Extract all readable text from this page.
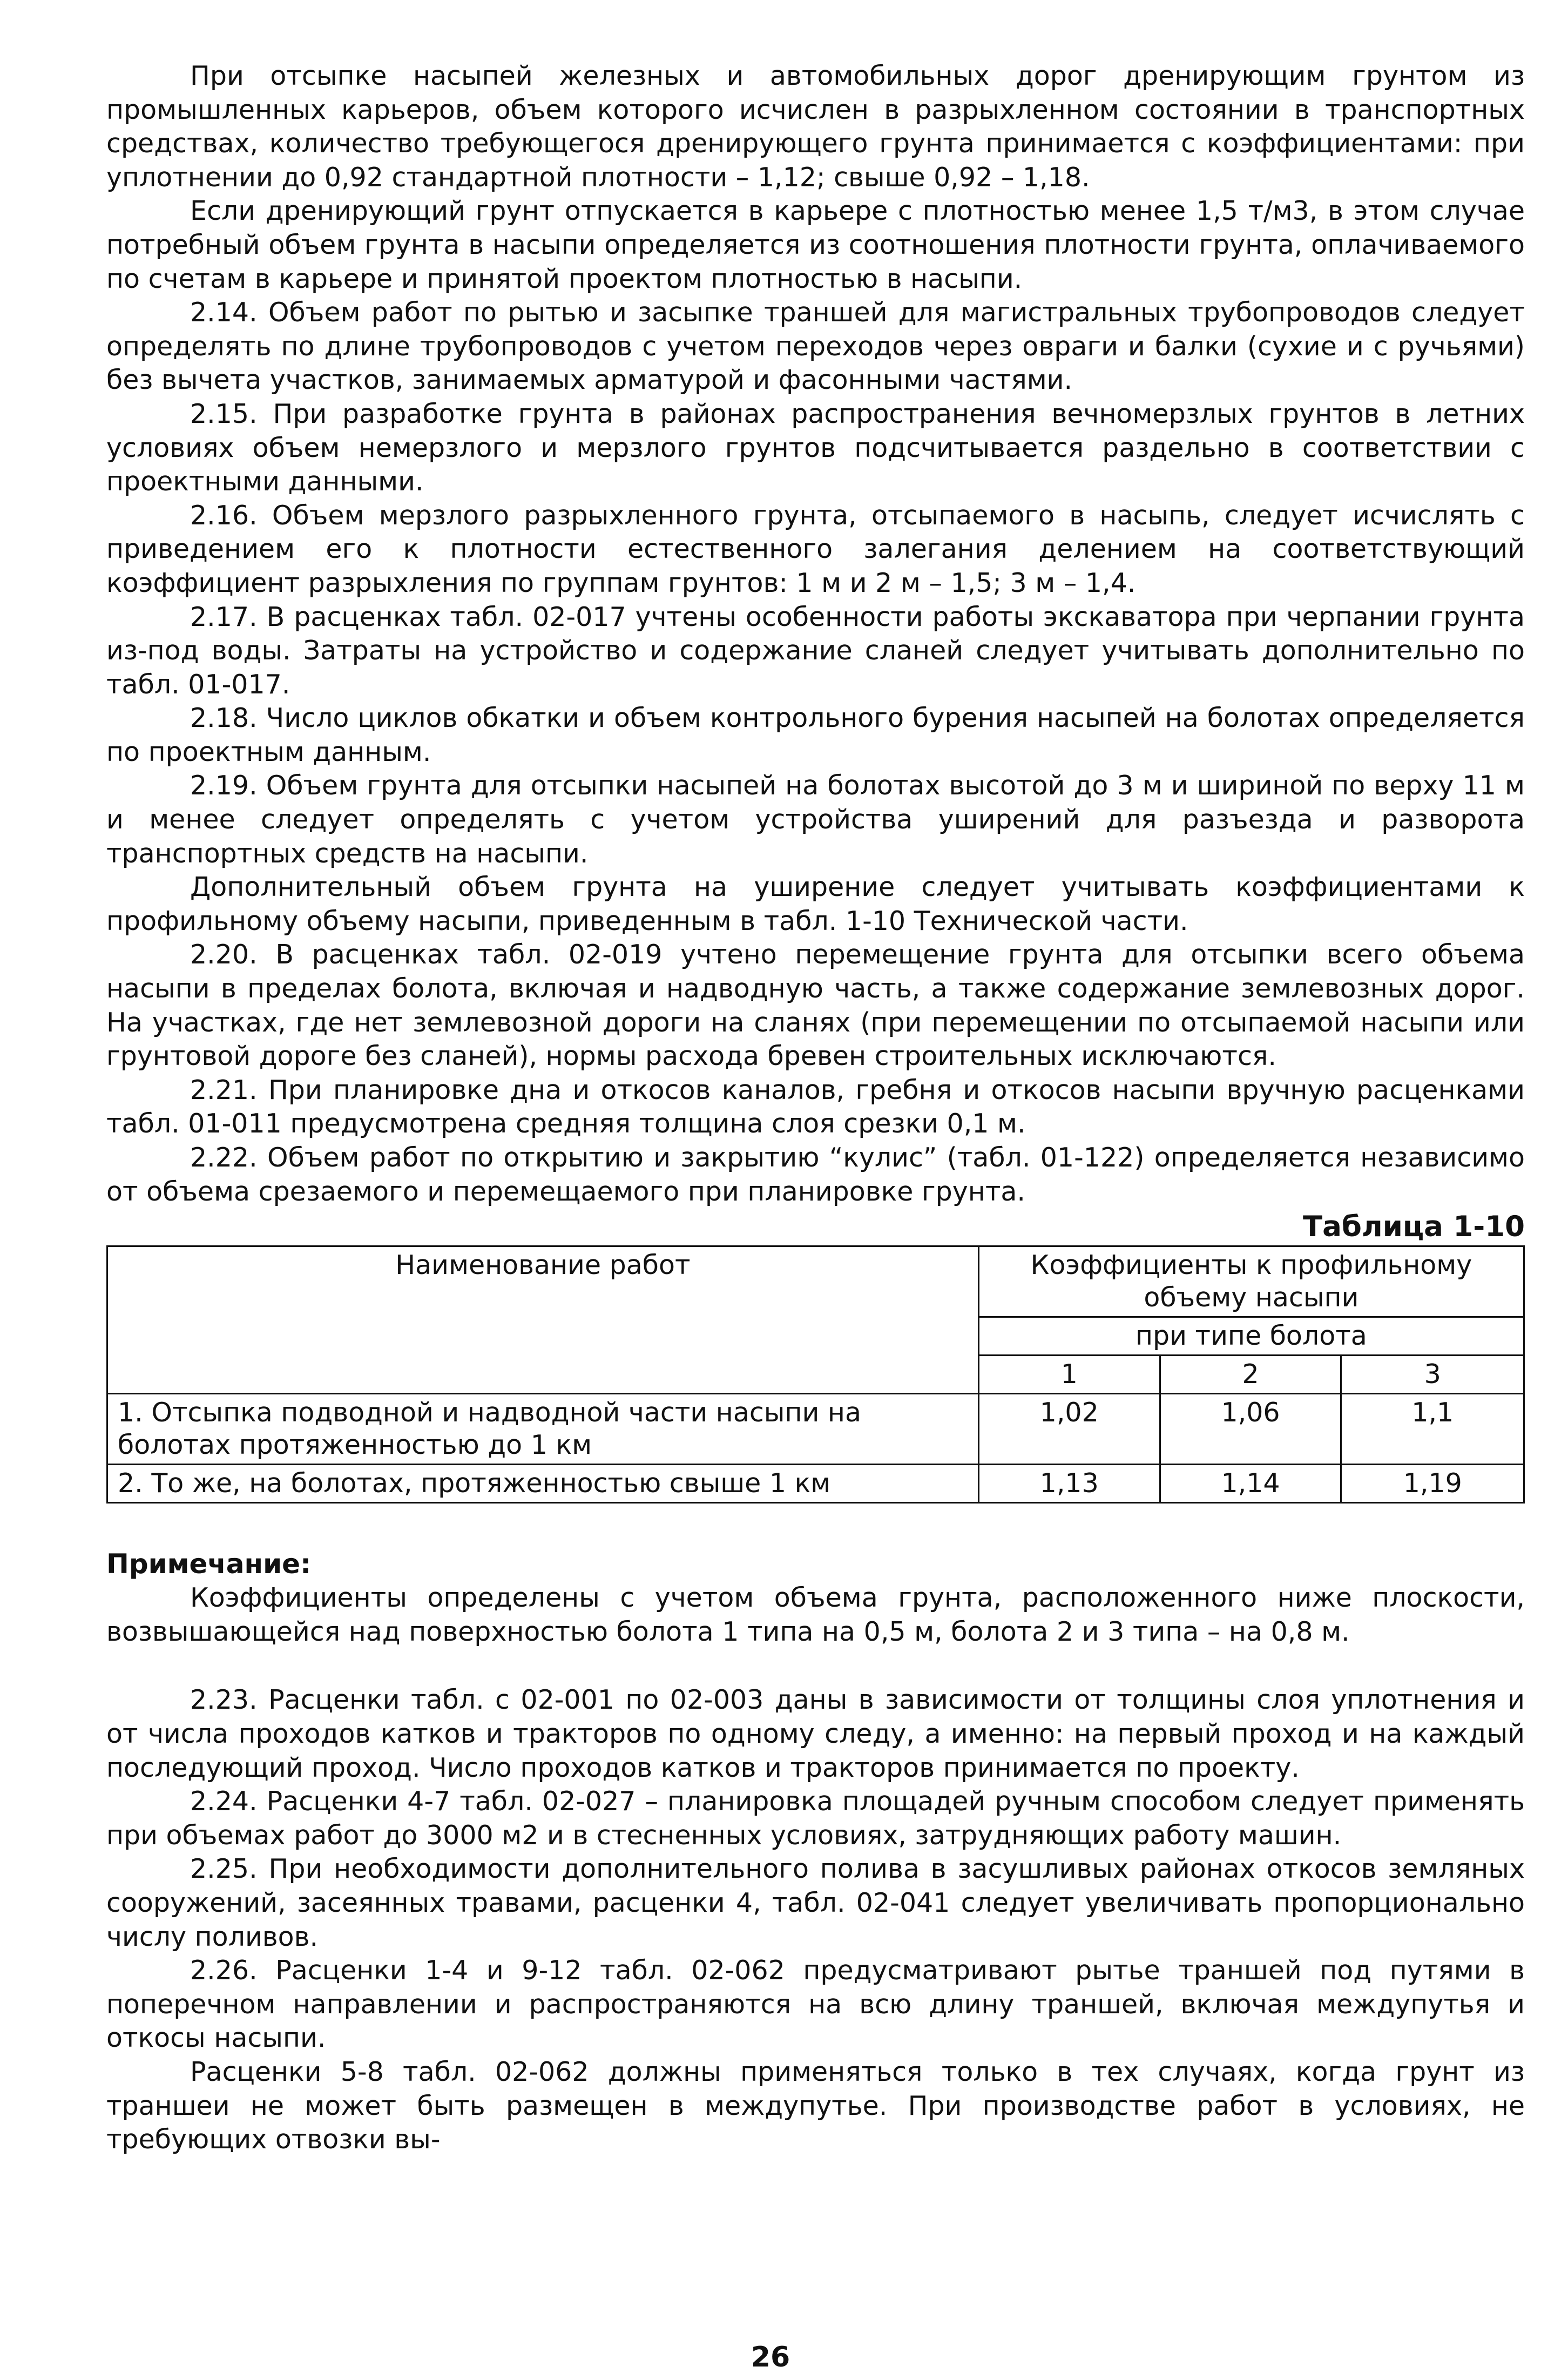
При отсыпке насыпей железных и автомобильных дорог дренирующим грунтом из промышленных карьеров, объем которого исчислен в разрыхленном состоянии в транспортных средствах, количество требующегося дренирующего грунта принимается с коэффициентами: при уплотнении до 0,92 стандартной плотности – 1,12; свыше 0,92 – 1,18.

Если дренирующий грунт отпускается в карьере с плотностью менее 1,5 т/м3, в этом случае потребный объем грунта в насыпи определяется из соотношения плотности грунта, оплачиваемого по счетам в карьере и принятой проектом плотностью в насыпи.

2.14. Объем работ по рытью и засыпке траншей для магистральных трубопроводов следует определять по длине трубопроводов с учетом переходов через овраги и балки (сухие и с ручьями) без вычета участков, занимаемых арматурой и фасонными частями.

2.15. При разработке грунта в районах распространения вечномерзлых грунтов в летних условиях объем немерзлого и мерзлого грунтов подсчитывается раздельно в соответствии с проектными данными.

2.16. Объем мерзлого разрыхленного грунта, отсыпаемого в насыпь, следует исчислять с приведением его к плотности естественного залегания делением на соответствующий коэффициент разрыхления по группам грунтов: 1 м и 2 м – 1,5; 3 м – 1,4.

2.17. В расценках табл. 02-017 учтены особенности работы экскаватора при черпании грунта из-под воды. Затраты на устройство и содержание сланей следует учитывать дополнительно по табл. 01-017.

2.18. Число циклов обкатки и объем контрольного бурения насыпей на болотах определяется по проектным данным.

2.19. Объем грунта для отсыпки насыпей на болотах высотой до 3 м и шириной по верху 11 м и менее следует определять с учетом устройства уширений для разъезда и разворота транспортных средств на насыпи.

Дополнительный объем грунта на уширение следует учитывать коэффициентами к профильному объему насыпи, приведенным в табл. 1-10 Технической части.

2.20. В расценках табл. 02-019 учтено перемещение грунта для отсыпки всего объема насыпи в пределах болота, включая и надводную часть, а также содержание землевозных дорог. На участках, где нет землевозной дороги на сланях (при перемещении по отсыпаемой насыпи или грунтовой дороге без сланей), нормы расхода бревен строительных исключаются.

2.21. При планировке дна и откосов каналов, гребня и откосов насыпи вручную расценками табл. 01-011 предусмотрена средняя толщина слоя срезки 0,1 м.

2.22. Объем работ по открытию и закрытию “кулис” (табл. 01-122) определяется независимо от объема срезаемого и перемещаемого при планировке грунта.

Таблица 1-10
Наименование работ	Коэффициенты к профильному объему насыпи		
	при типе болота		
	1	2	3
1. Отсыпка подводной и надводной части насыпи на болотах протяженностью до 1 км	1,02	1,06	1,1
2. То же, на болотах, протяженностью свыше 1 км	1,13	1,14	1,19
Примечание:

Коэффициенты определены с учетом объема грунта, расположенного ниже плоскости, возвышающейся над поверхностью болота 1 типа на 0,5 м, болота 2 и 3 типа – на 0,8 м.

2.23. Расценки табл. с 02-001 по 02-003 даны в зависимости от толщины слоя уплотнения и от числа проходов катков и тракторов по одному следу, а именно: на первый проход и на каждый последующий проход. Число проходов катков и тракторов принимается по проекту.

2.24. Расценки 4-7 табл. 02-027 – планировка площадей ручным способом следует применять при объемах работ до 3000 м2 и в стесненных условиях, затрудняющих работу машин.

2.25. При необходимости дополнительного полива в засушливых районах откосов земляных сооружений, засеянных травами, расценки 4, табл. 02-041 следует увеличивать пропорционально числу поливов.

2.26. Расценки 1-4 и 9-12 табл. 02-062 предусматривают рытье траншей под путями в поперечном направлении и распространяются на всю длину траншей, включая междупутья и откосы насыпи.

Расценки 5-8 табл. 02-062 должны применяться только в тех случаях, когда грунт из траншеи не может быть размещен в междупутье. При производстве работ в условиях, не требующих отвозки вы-

26
